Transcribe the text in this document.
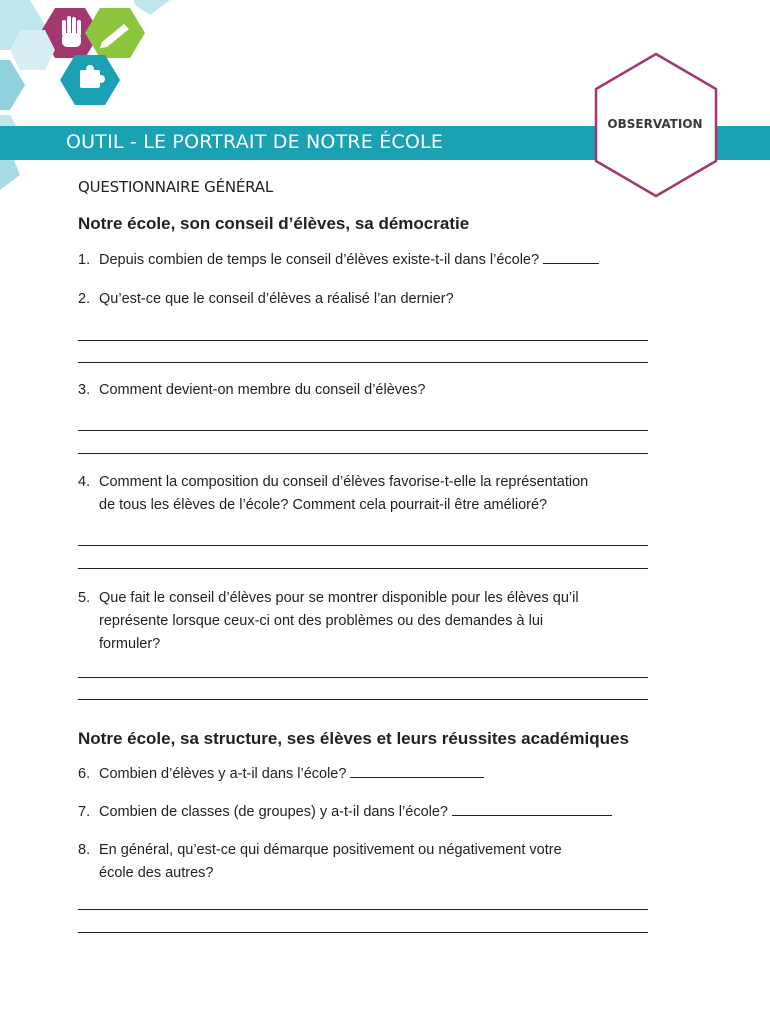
OUTIL - LE PORTRAIT DE NOTRE ÉCOLE
OBSERVATION
QUESTIONNAIRE GÉNÉRAL
Notre école, son conseil d’élèves, sa démocratie
1. Depuis combien de temps le conseil d’élèves existe-t-il dans l’école?
2. Qu’est-ce que le conseil d’élèves a réalisé l’an dernier?
3. Comment devient-on membre du conseil d’élèves?
4. Comment la composition du conseil d’élèves favorise-t-elle la représentation
de tous les élèves de l’école? Comment cela pourrait-il être amélioré?
5. Que fait le conseil d’élèves pour se montrer disponible pour les élèves qu’il
représente lorsque ceux-ci ont des problèmes ou des demandes à lui
formuler?
Notre école, sa structure, ses élèves et leurs réussites académiques
6. Combien d’élèves y a-t-il dans l’école?
7. Combien de classes (de groupes) y a-t-il dans l’école?
8. En général, qu’est-ce qui démarque positivement ou négativement votre
école des autres?
